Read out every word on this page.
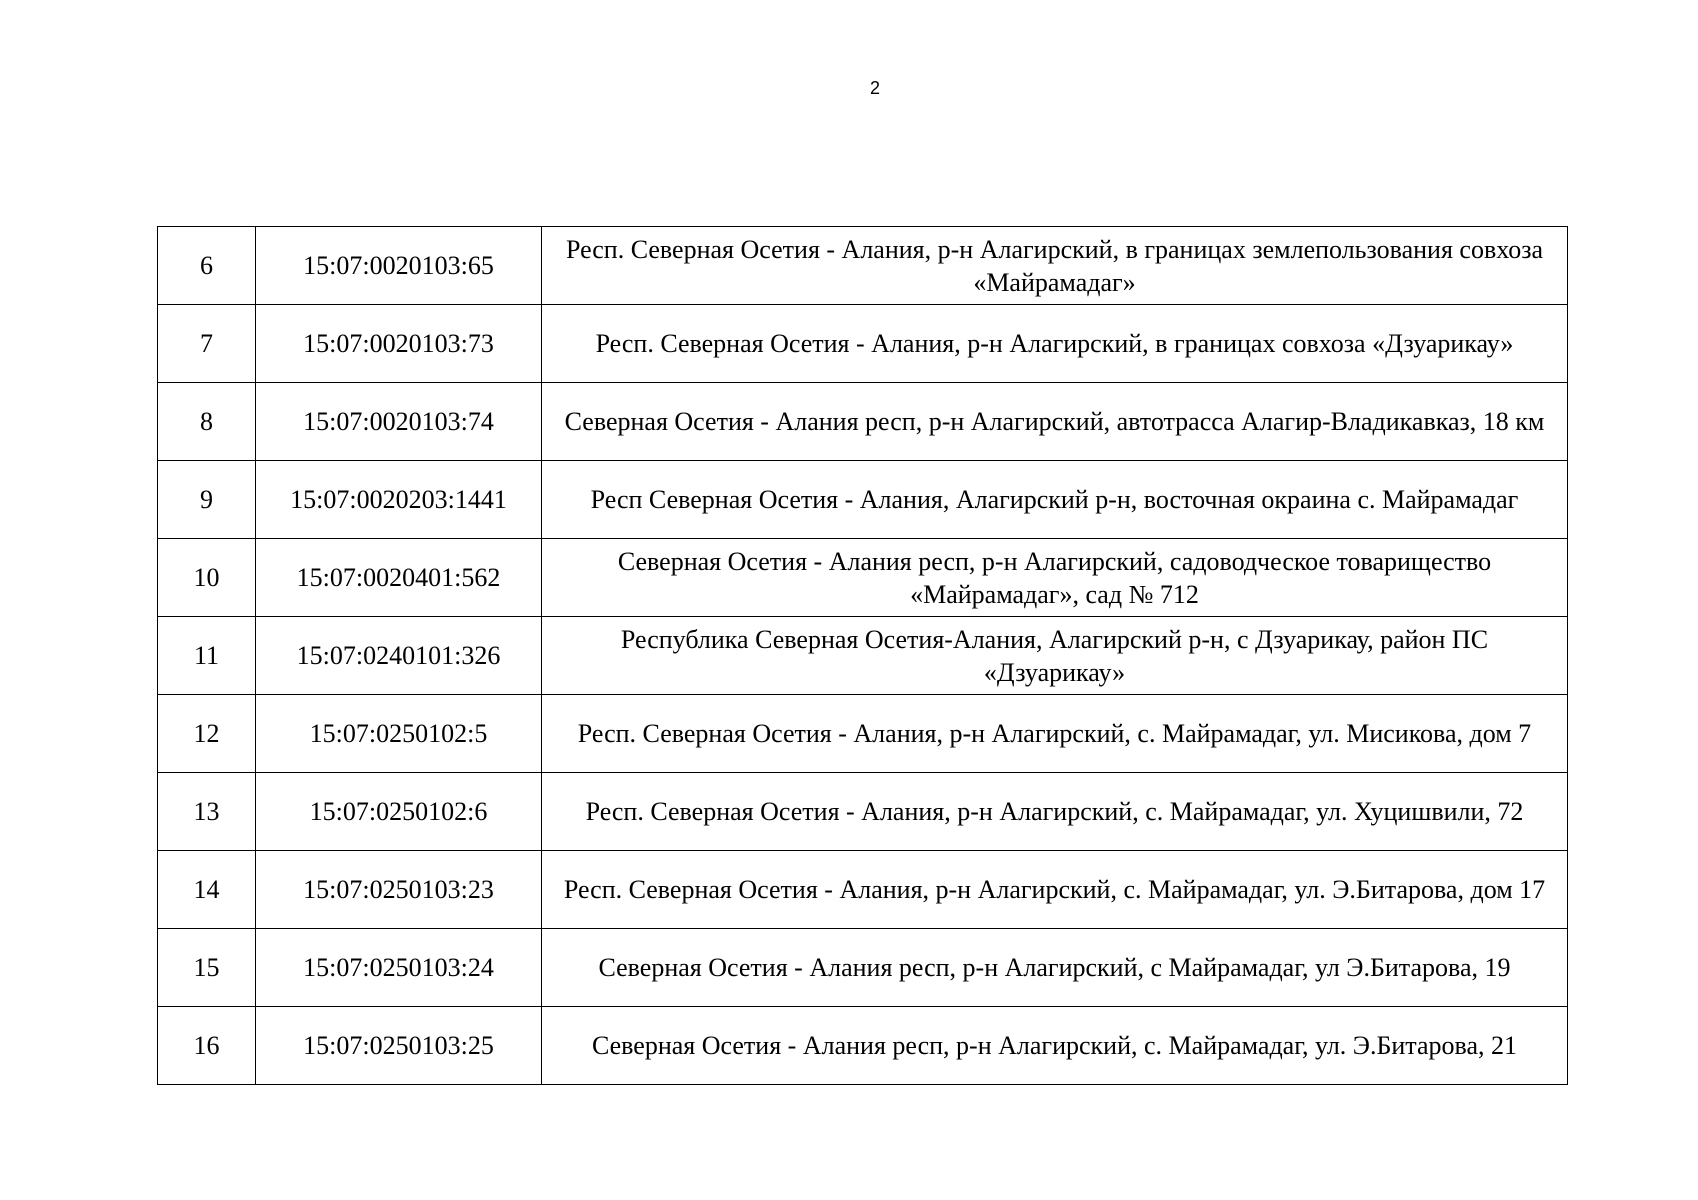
2
6	15:07:0020103:65	Респ. Северная Осетия - Алания, р-н Алагирский, в границах землепользования совхоза «Майрамадаг»
7	15:07:0020103:73	Респ. Северная Осетия - Алания, р-н Алагирский, в границах совхоза «Дзуарикау»
8	15:07:0020103:74	Северная Осетия - Алания респ, р-н Алагирский, автотрасса Алагир-Владикавказ, 18 км
9	15:07:0020203:1441	Респ Северная Осетия - Алания, Алагирский р-н, восточная окраина с. Майрамадаг
10	15:07:0020401:562	Северная Осетия - Алания респ, р-н Алагирский, садоводческое товарищество «Майрамадаг», сад № 712
11	15:07:0240101:326	Республика Северная Осетия-Алания, Алагирский р-н, с Дзуарикау, район ПС «Дзуарикау»
12	15:07:0250102:5	Респ. Северная Осетия - Алания, р-н Алагирский, с. Майрамадаг, ул. Мисикова, дом 7
13	15:07:0250102:6	Респ. Северная Осетия - Алания, р-н Алагирский, с. Майрамадаг, ул. Хуцишвили, 72
14	15:07:0250103:23	Респ. Северная Осетия - Алания, р-н Алагирский, с. Майрамадаг, ул. Э.Битарова, дом 17
15	15:07:0250103:24	Северная Осетия - Алания респ, р-н Алагирский, с Майрамадаг, ул Э.Битарова, 19
16	15:07:0250103:25	Северная Осетия - Алания респ, р-н Алагирский, с. Майрамадаг, ул. Э.Битарова, 21
